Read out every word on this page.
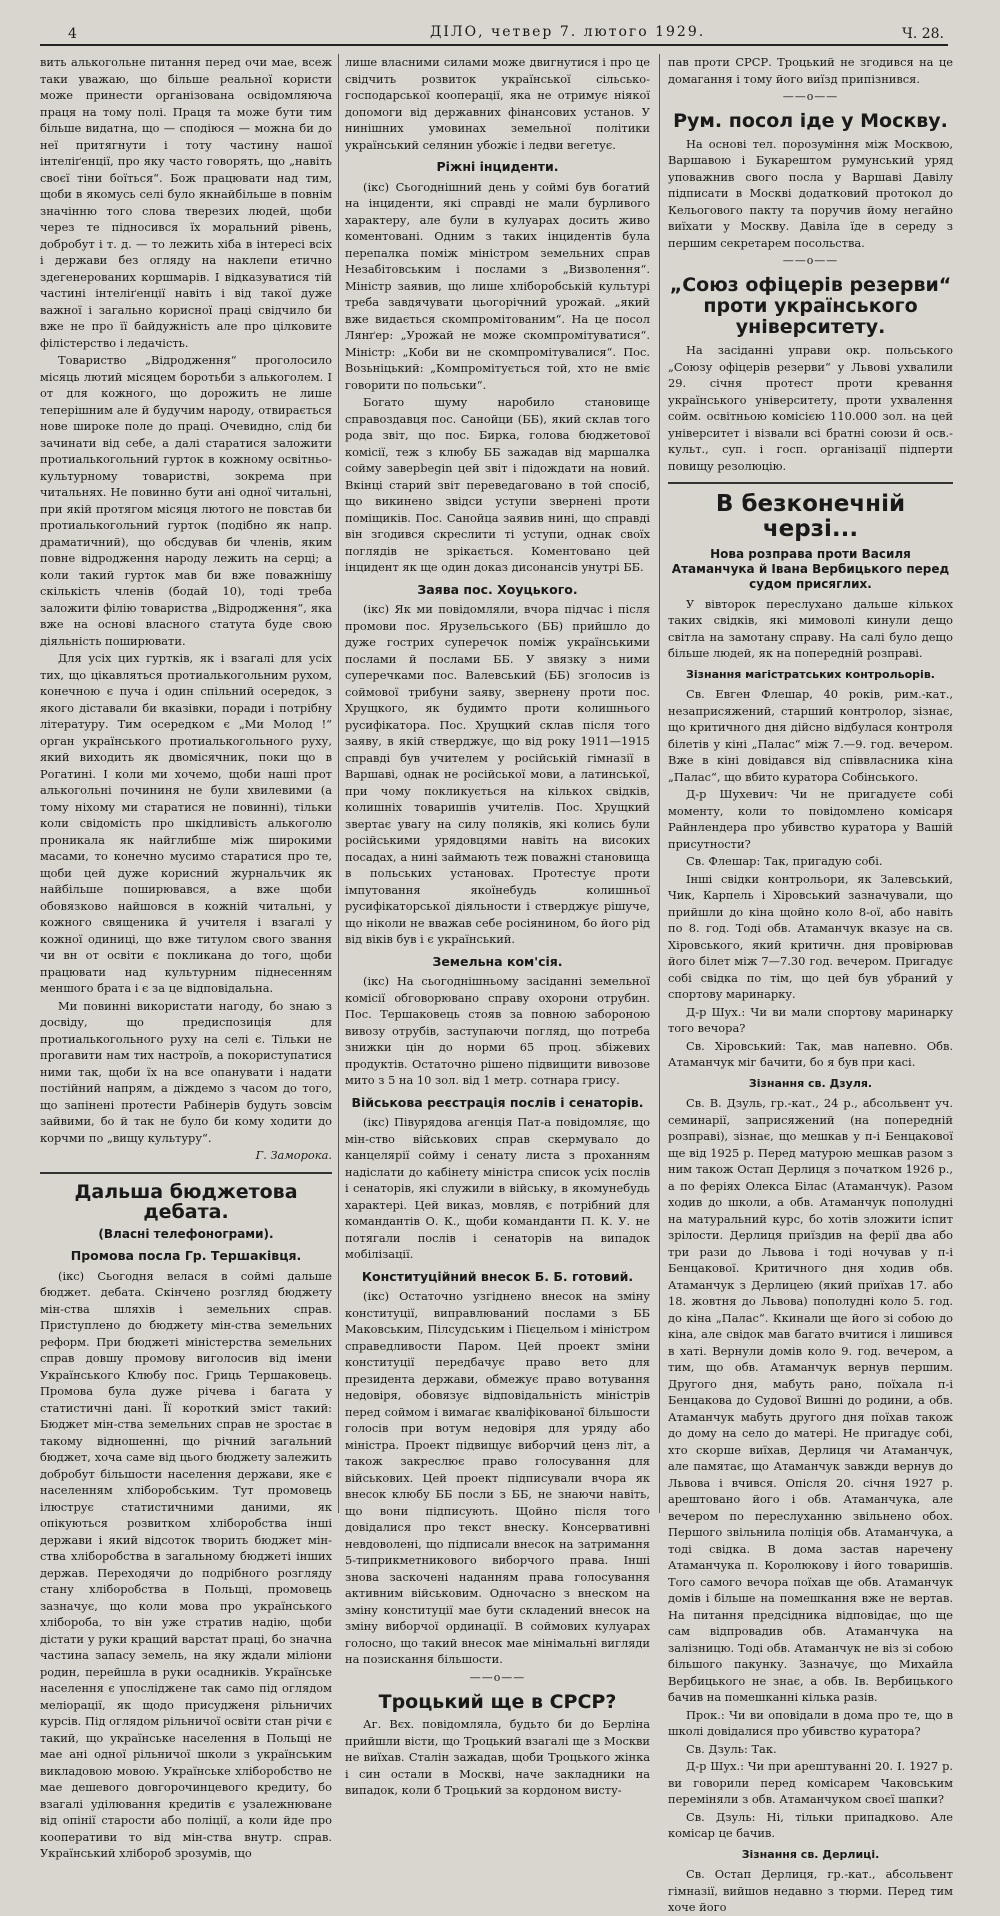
4	ДІЛО, четвер 7. лютого 1929.	Ч. 28.

вить алькогольне питання перед очи мае, всеж таки уважаю, що більше реальної користи може принести організована освідомляюча праця на тому полі. Праця та може бути тим більше видатна, що — сподіюся — можна би до неї притягнути і тоту частину нашої інтеліґенції, про яку часто говорять, що „навіть своєї тіни боїться“. Бож працювати над тим, щоби в якомусь селі було якнайбільше в повнім значінню того слова тверезих людей, щоби через те підносився їх моральний рівень, добробут і т. д. — то лежить хіба в інтересі всіх і держави без огляду на наклепи етично здегенерованих коршмарів. І відказуватися тій частині інтеліґенції навіть і від такої дуже важної і загально корисної праці свідчило би вже не про її байдужність але про цілковите філістерство і ледачість.

Товариство „Відродження“ проголосило місяць лютий місяцем боротьби з алькоголем. І от для кожного, що дорожить не лише теперішним але й будучим народу, отвирається нове широке поле до праці. Очевидно, слід би зачинати від себе, а далі старатися заложити протиалькогольний гурток в кожному освітньо-культурному товаристві, зокрема при читальнях. Не повинно бути ані одної читальні, при якій протягом місяця лютого не повстав би протиалькогольний гурток (подібно як напр. драматичний), що обсдував би членів, яким повне відродження народу лежить на серці; а коли такий гурток мав би вже поважнішу скількість членів (бодай 10), тоді треба заложити філію товариства „Відродження“, яка вже на основі власного статута буде свою діяльність поширювати.

Для усіх цих гуртків, як і взагалі для усіх тих, що цікавляться протиалькогольним рухом, конечною є пуча і один спільний осередок, з якого діставали би вказівки, поради і потрібну літературу. Тим осередком є „Ми Молод !“ орган українського протиалькогольного руху, який виходить як двомісячник, поки що в Рогатині. І коли ми хочемо, щоби наші прот алькогольні почининя не були хвилевими (а тому ніхому ми старатися не повинні), тільки коли свідомість про шкідливість алькоголю проникала як найглибше між широкими масами, то конечно мусимо старатися про те, щоби цей дуже корисний журнальчик як найбільше поширювався, а вже щоби обовязково найшовся в кожній читальні, у кожного священика й учителя і взагалі у кожної одиниці, що вже титулом свого звання чи вн от освіти є покликана до того, щоби працювати над культурним піднесенням меншого брата і є за це відповідальна.

Ми повинні використати нагоду, бо знаю з досвіду, що предиспозиція для протиалькогольного руху на селі є. Тільки не прогавити нам тих настроїв, а покориступатися ними так, щоби їх на все опанувати і надати постійний напрям, а діждемо з часом до того, що запінені протести Рабінерів будуть зовсім зайвими, бо й так не було би кому ходити до корчми по „вищу культуру“.

Г. Заморока.

Дальша бюджетова дебата.
(Власні телефонограми).
Промова посла Гр. Тершаківця.

(ікс) Сьогодня велася в соймі дальше бюджет. дебата. Скінчено розгляд бюджету мін-ства шляхів і земельних справ. Приступлено до бюджету мін-ства земельних реформ. При бюджеті міністерства земельних справ довшу промову виголосив від імени Українського Клюбу пос. Гриць Тершаковець. Промова була дуже річева і багата у статистичні дані. Її короткий зміст такий: Бюджет мін-ства земельних справ не зростає в такому відношенні, що річний загальний бюджет, хоча саме від цього бюджету залежить добробут більшости населення держави, яке є населенням хліборобським. Тут промовець ілюструє статистичними даними, як опікуються розвитком хліборобства інші держави і який відсоток творить бюджет мін-ства хліборобства в загальному бюджеті інших держав. Переходячи до подрібного розгляду стану хліборобства в Польщі, промовець зазначує, що коли мова про українського хлібороба, то він уже стратив надію, щоби дістати у руки кращий варстат праці, бо значна частина запасу земель, на яку ждали міліони родин, перейшла в руки осадників. Українське населення є упосліджене так само під оглядом меліорації, як щодо присудженя рільничих курсів. Під оглядом рільничої освіти стан річи є такий, що українське населення в Польщі не мае ані одної рільничої школи з українським викладовою мовою. Українське хліборобство не мае дешевого довгорочинцевого кредиту, бо взагалі уділювання кредитів є узалежнюване від опінії старости або поліції, а коли йде про кооперативи то від мін-ства внутр. справ. Український хлібороб зрозумів, що

лише власними силами може двигнутися і про це свідчить розвиток української сільсько-господарської кооперації, яка не отримує ніякої допомоги від державних фінансових установ. У нинішних умовинах земельної політики український селянин убожіє і ледви вегетує.

Ріжні інциденти.

(ікс) Сьогоднішний день у соймі був богатий на інциденти, які справді не мали бурливого характеру, але були в кулуарах досить живо коментовані. Одним з таких інцидентів була перепалка поміж міністром земельних справ Незабітовським і послами з „Визволення“. Міністр заявив, що лише хліборобській культурі треба завдячувати цьогорічний урожай. „який вже видається скомпромітованим“. На це посол Лянґер: „Урожай не може скомпромітуватися“. Міністр: „Коби ви не скомпромітувалися“. Пос. Возьніцький: „Компромітується той, хто не вміє говорити по польськи“.

Богато шуму наробило становище справоздавця пос. Санойци (ББ), який склав того рода звіт, що пос. Бирка, голова бюджетової комісії, теж з клюбу ББ зажадав від маршалка сойму заверbegin цей звіт і підождати на новий. Вкінці старий звіт переведаговано в той спосіб, що викинено звідси уступи звернені проти поміщиків. Пос. Санойца заявив нині, що справді він згодився скреслити ті уступи, однак своїх поглядів не зрікається. Коментовано цей інцидент як ще один доказ дисонансів унутрі ББ.

Заява пос. Хоуцького.

(ікс) Як ми повідомляли, вчора підчас і після промови пос. Ярузельського (ББ) прийшло до дуже гострих суперечок поміж українськими послами й послами ББ. У звязку з ними суперечками пос. Валевський (ББ) зголосив із соймової трибуни заяву, звернену проти пос. Хрущкого, як будимто проти колишнього русифікатора. Пос. Хрущкий склав після того заяву, в якій стверджує, що від року 1911—1915 справді був учителем у російській гімназії в Варшаві, однак не російської мови, а латинської, при чому покликується на кількох свідків, колишніх товаришів учителів. Пос. Хрущкий звертає увагу на силу поляків, які колись були російськими урядовцями навіть на високих посадах, а нині займають теж поважні становища в польських установах. Протестує проти імпутовання якоїнебудь колишньої русифікаторської діяльности і стверджує рішуче, що ніколи не вважав себе росіянином, бо його рід від віків був і є український.

Земельна ком'сія.

(ікс) На сьогоднішньому засіданні земельної комісії обговорювано справу охорони отрубин. Пос. Тершаковець стояв за повною забороною вивозу отрубів, заступаючи погляд, що потреба знижки цін до норми 65 проц. збіжевих продуктів. Остаточно рішено підвищити вивозове мито з 5 на 10 зол. від 1 метр. сотнара грису.

Військова реєстрація послів і сенаторів.

(ікс) Півурядова агенція Пат-а повідомляє, що мін-ство військових справ скермувало до канцелярії сойму і сенату листа з проханням надіслати до кабінету міністра список усіх послів і сенаторів, які служили в війську, в якомунебудь характері. Цей виказ, мовляв, є потрібний для командантів О. К., щоби команданти П. К. У. не потягали послів і сенаторів на випадок мобілізації.

Конституційний внесок Б. Б. готовий.

(ікс) Остаточно узгіднено внесок на зміну конституції, виправлюваний послами з ББ Маковським, Пілсудським і Пієцельом і міністром справедливости Паром. Цей проект зміни конституції передбачує право вето для президента держави, обмежує право вотування недовіря, обовязує відповідальність міністрів перед соймом і вимагає кваліфікованої більшости голосів при вотум недовіря для уряду або міністра. Проект підвищує виборчий ценз літ, а також закреслює право голосування для військових. Цей проект підписували вчора як внесок клюбу ББ посли з ББ, не знаючи навіть, що вони підписують. Щойно після того довідалися про текст внеску. Консервативні невдоволені, що підписали внесок на затримання 5-типрикметникового виборчого права. Інші знова заскочені наданням права голосування активним військовим. Одночасно з внеском на зміну конституції мае бути складений внесок на зміну виборчої ординації. В соймових кулуарах голосно, що такий внесок мае мінімальні вигляди на позискання більшости.

——o——
Троцький ще в СРСР?

Аг. Вєх. повідомляла, будьто би до Берліна прийшли вісти, що Троцький взагалі ще з Москви не виїхав. Сталін зажадав, щоби Троцького жінка і син остали в Москві, наче закладники на випадок, коли б Троцький за кордоном висту-

пав проти СРСР. Троцький не згодився на це домагання і тому його виїзд припізнився.

——o——
Рум. посол іде у Москву.

На основі тел. порозуміння між Москвою, Варшавою і Букарештом румунський уряд уповажнив свого посла у Варшаві Давілу підписати в Москві додатковий протокол до Кельогового пакту та поручив йому негайно виїхати у Москву. Давіла їде в середу з першим секретарем посольства.

——o——
„Союз офіцерів резерви“ проти українського університету.

На засіданні управи окр. польського „Союзу офіцерів резерви“ у Львові ухвалили 29. січня протест проти кревання українського університету, проти ухвалення сойм. освітньою комісією 110.000 зол. на цей університет і візвали всі братні союзи й осв.-культ., суп. і госп. організації підперти повищу резолюцію.

В безконечній черзі...
Нова розправа проти Василя Атаманчука й Івана Вербицького перед судом присяглих.

У вівторок переслухано дальше кількох таких свідків, які мимоволі кинули дещо світла на замотану справу. На салі було дещо більше людей, як на попередній розправі.

Зізнання магістратських контрольорів.

Св. Евген Флешар, 40 років, рим.-кат., незаприсяжений, старший контролор, зізнає, що критичного дня дійсно відбулася контроля білетів у кіні „Палас“ між 7.—9. год. вечером. Вже в кіні довідався від співвласника кіна „Палас“, що вбито куратора Собінського.

Д-р Шухевич: Чи не пригадуєте собі моменту, коли то повідомлено комісаря Райнлендера про убивство куратора у Вашій присутности?

Св. Флешар: Так, пригадую собі.

Інші свідки контрольори, як Залевський, Чик, Карпель і Хіровський зазначували, що прийшли до кіна щойно коло 8-ої, або навіть по 8. год. Тоді обв. Атаманчук вказує на св. Хіровського, який критичн. дня провірював його білет між 7—7.30 год. вечером. Пригадує собі свідка по тім, що цей був убраний у спортову маринарку.

Д-р Шух.: Чи ви мали спортову маринарку того вечора?

Св. Хіровський: Так, мав напевно. Обв. Атаманчук міг бачити, бо я був при касі.

Зізнання св. Дзуля.

Св. В. Дзуль, гр.-кат., 24 р., абсольвент уч. семинарії, заприсяжений (на попередній розправі), зізнає, що мешкав у п-і Бенцакової ще від 1925 р. Перед матурою мешкав разом з ним також Остап Дерлиця з початком 1926 р., а по феріях Олекса Білас (Атаманчук). Разом ходив до школи, а обв. Атаманчук пополудні на матуральний курс, бо хотів зложити іспит зрілости. Дерлиця приїздив на ферії два або три рази до Львова і тоді ночував у п-і Бенцакової. Критичного дня ходив обв. Атаманчук з Дерлицею (який приїхав 17. або 18. жовтня до Львова) пополудні коло 5. год. до кіна „Палас“. Ккинали ще його зі собою до кіна, але свідок мав багато вчитися і лишився в хаті. Вернули домів коло 9. год. вечером, а тим, що обв. Атаманчук вернув першим. Другого дня, мабуть рано, поїхала п-і Бенцакова до Судової Вишні до родини, а обв. Атаманчук мабуть другого дня поїхав також до дому на село до матері. Не пригадує собі, хто скорше виїхав, Дерлиця чи Атаманчук, але памятає, що Атаманчук завжди вернув до Львова і вчився. Опісля 20. січня 1927 р. арештовано його і обв. Атаманчука, але вечером по переслуханню звільнено обох. Першого звільнила поліція обв. Атаманчука, а тоді свідка. В дома застав наречену Атаманчука п. Королюкову і його товаришів. Того самого вечора поїхав ще обв. Атаманчук домів і більше на помешкання вже не вертав. На питання предсідника відповідає, що ще сам відпровадив обв. Атаманчука на залізницю. Тоді обв. Атаманчук не віз зі собою більшого пакунку. Зазначує, що Михайла Вербицького не знає, а обв. Ів. Вербицького бачив на помешканні кілька разів.

Прок.: Чи ви оповідали в дома про те, що в школі довідалися про убивство куратора?

Св. Дзуль: Так.

Д-р Шух.: Чи при арештуванні 20. І. 1927 р. ви говорили перед комісарем Чаковським переміняли з обв. Атаманчуком своєї шапки?

Св. Дзуль: Ні, тільки припадково. Але комісар це бачив.

Зізнання св. Дерлиці.

Св. Остап Дерлиця, гр.-кат., абсольвент гімназії, вийшов недавно з тюрми. Перед тим хоче його
